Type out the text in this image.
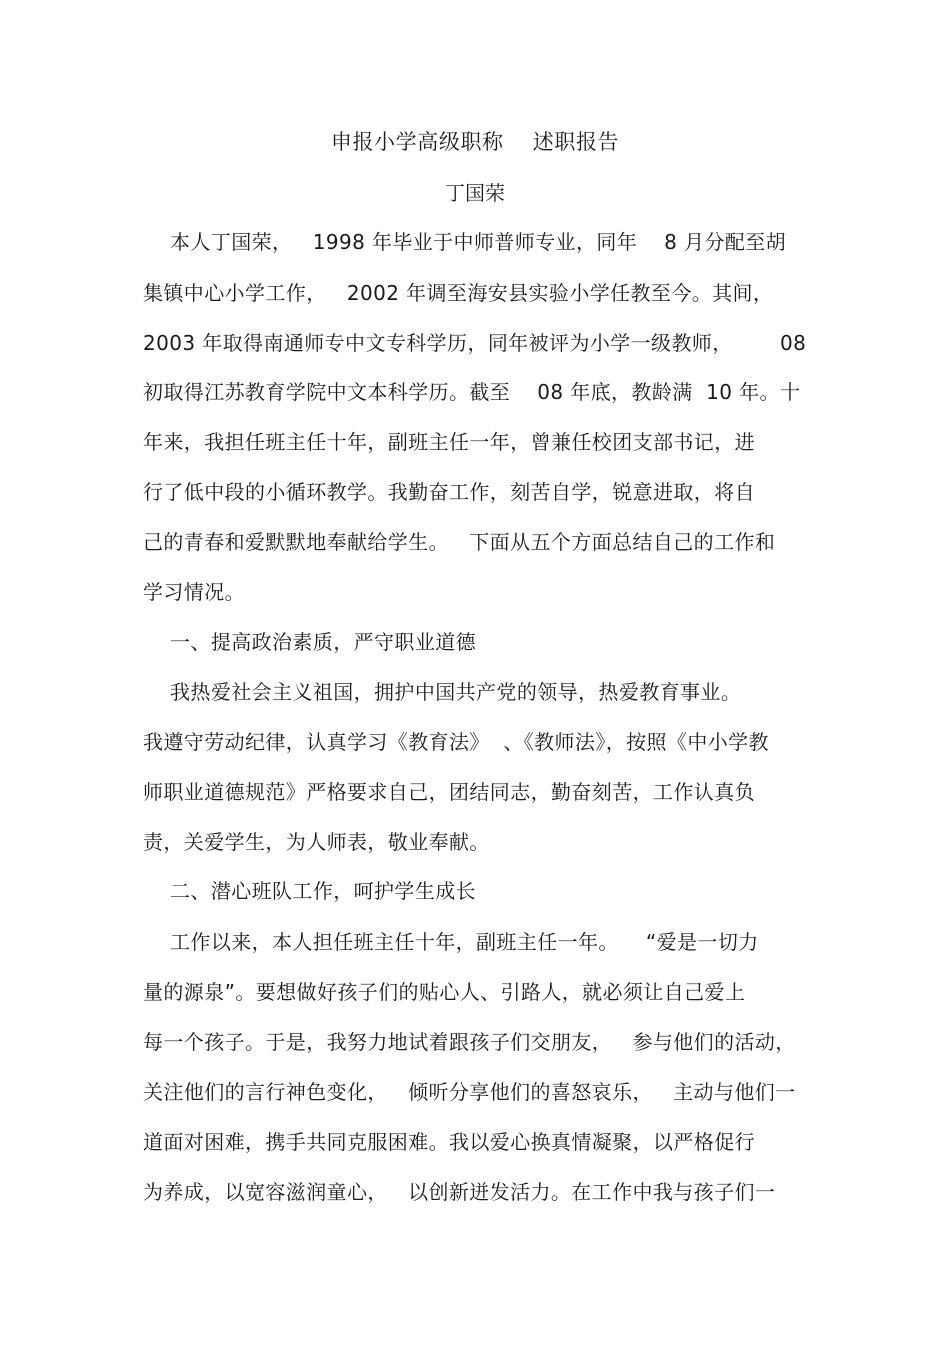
申报小学高级职称    述职报告
丁国荣
本人丁国荣，   1998 年毕业于中师普师专业，同年    8 月分配至胡
集镇中心小学工作，   2002 年调至海安县实验小学任教至今。其间，
2003 年取得南通师专中文专科学历，同年被评为小学一级教师，       08
初取得江苏教育学院中文本科学历。截至    08 年底，教龄满  10 年。十
年来，我担任班主任十年，副班主任一年，曾兼任校团支部书记，进
行了低中段的小循环教学。我勤奋工作，刻苦自学，锐意进取，将自
己的青春和爱默默地奉献给学生。   下面从五个方面总结自己的工作和
学习情况。
一、提高政治素质，严守职业道德
我热爱社会主义祖国，拥护中国共产党的领导，热爱教育事业。
我遵守劳动纪律，认真学习《教育法》  、《教师法》，按照《中小学教
师职业道德规范》严格要求自己，团结同志，勤奋刻苦，工作认真负
责，关爱学生，为人师表，敬业奉献。
二、潜心班队工作，呵护学生成长
工作以来，本人担任班主任十年，副班主任一年。    “爱是一切力
量的源泉”。要想做好孩子们的贴心人、引路人，就必须让自己爱上
每一个孩子。于是，我努力地试着跟孩子们交朋友，   参与他们的活动，
关注他们的言行神色变化，   倾听分享他们的喜怒哀乐，   主动与他们一
道面对困难，携手共同克服困难。我以爱心换真情凝聚，以严格促行
为养成，以宽容滋润童心，   以创新迸发活力。在工作中我与孩子们一
